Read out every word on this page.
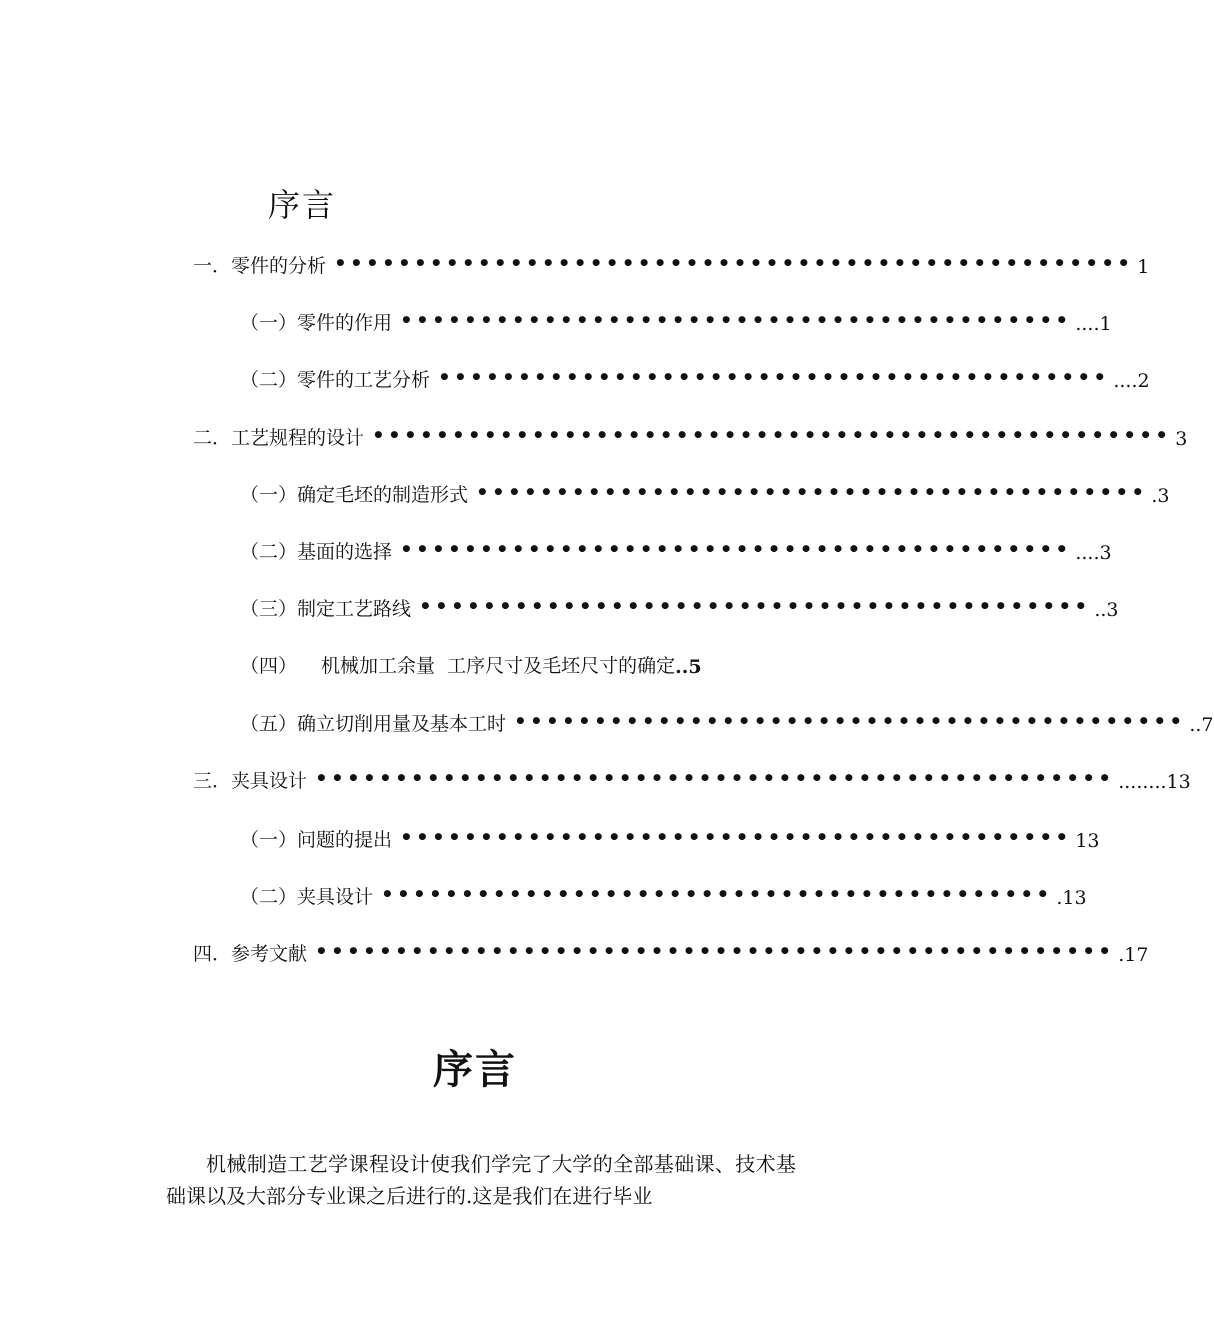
序言
一． 零件的分析 •••••••••••••••••••••••••••••••••••••••••••••••••• 1
（一） 零件的作用 •••••••••••••••••••••••••••••••••••••••••• ....1
（二） 零件的工艺分析 •••••••••••••••••••••••••••••••••••••••••• ....2
二． 工艺规程的设计 •••••••••••••••••••••••••••••••••••••••••••••••••• 3
（一） 确定毛坯的制造形式 •••••••••••••••••••••••••••••••••••••••••• .3
（二） 基面的选择 •••••••••••••••••••••••••••••••••••••••••• ....3
（三） 制定工艺路线 •••••••••••••••••••••••••••••••••••••••••• ..3
（四）	机械加工余量  工序尺寸及毛坯尺寸的确定 ..5
（五） 确立切削用量及基本工时 •••••••••••••••••••••••••••••••••••••••••• ..7
三． 夹具设计 •••••••••••••••••••••••••••••••••••••••••••••••••• ........13
（一） 问题的提出 •••••••••••••••••••••••••••••••••••••••••• 13
（二） 夹具设计 •••••••••••••••••••••••••••••••••••••••••• .13
四． 参考文献 •••••••••••••••••••••••••••••••••••••••••••••••••• .17
序言
机械制造工艺学课程设计使我们学完了大学的全部基础课、技术基础课以及大部分专业课之后进行的.这是我们在进行毕业
